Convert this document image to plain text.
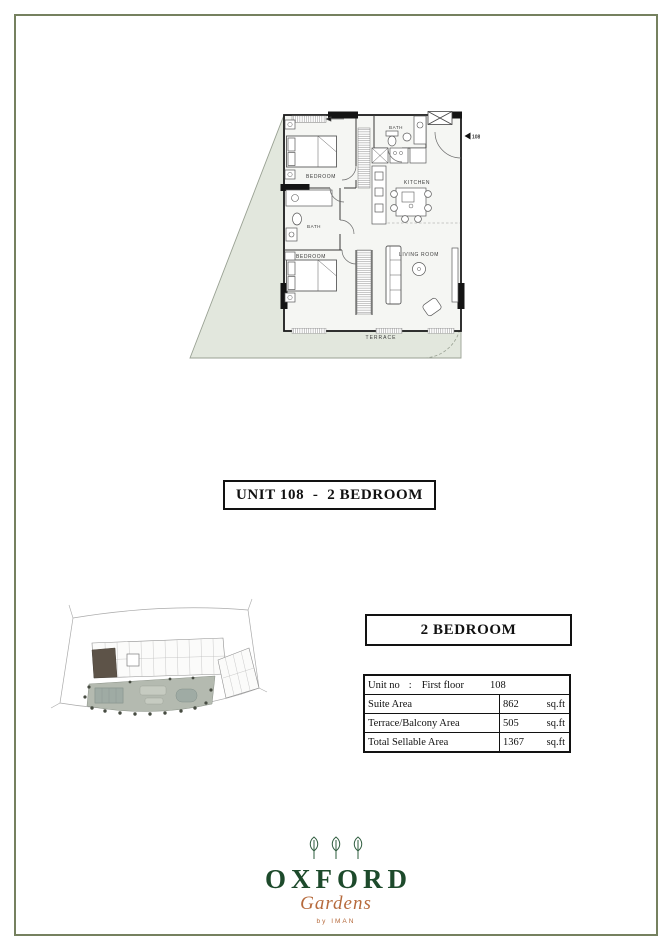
108
BEDROOM
BATH
KITCHEN
BATH
BEDROOM	LIVING ROOM
TERRACE
UNIT 108  -  2 BEDROOM
2 BEDROOM
Unit no : First floor 108
Suite Area	862	sq.ft
Terrace/Balcony Area	505	sq.ft
Total Sellable Area	1367 sq.ft
OXFORD
Gardens
by IMAN
